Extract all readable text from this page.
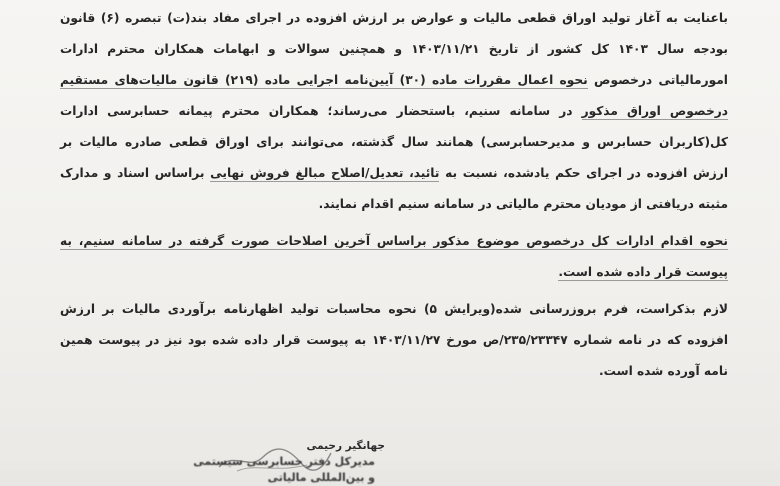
باعنایت به آغاز تولید اوراق قطعی مالیات و عوارض بر ارزش افزوده در اجرای مفاد بند(ت) تبصره (۶) قانون بودجه سال ۱۴۰۳ کل کشور از تاریخ ۱۴۰۳/۱۱/۲۱ و همچنین سوالات و ابهامات همکاران محترم ادارات امورمالیاتی درخصوص نحوه اعمال مقررات ماده (۳۰) آیین‌نامه اجرایی ماده (۲۱۹) قانون مالیات‌های مستقیم درخصوص اوراق مذکور در سامانه سنیم، باستحضار می‌رساند؛ همکاران محترم پیمانه حسابرسی ادارات کل(کاربران حسابرس و مدیرحسابرسی) همانند سال گذشته، می‌توانند برای اوراق قطعی صادره مالیات بر ارزش افزوده در اجرای حکم یادشده، نسبت به تائید، تعدیل/اصلاح مبالغ فروش نهایی براساس اسناد و مدارک مثبته دریافتی از مودیان محترم مالیاتی در سامانه سنیم اقدام نمایند.

نحوه اقدام ادارات کل درخصوص موضوع مذکور براساس آخرین اصلاحات صورت گرفته در سامانه سنیم، به پیوست قرار داده شده است.

لازم بذکراست، فرم بروزرسانی شده(ویرایش ۵) نحوه محاسبات تولید اظهارنامه برآوردی مالیات بر ارزش افزوده که در نامه شماره ۲۳۵/۲۳۳۴۷/ص مورخ ۱۴۰۳/۱۱/۲۷ به پیوست قرار داده شده بود نیز در پیوست همین نامه آورده شده است.

جهانگیر رحیمی
مدیرکل دفتر حسابرسی سیستمی و بین‌المللی مالیاتی
